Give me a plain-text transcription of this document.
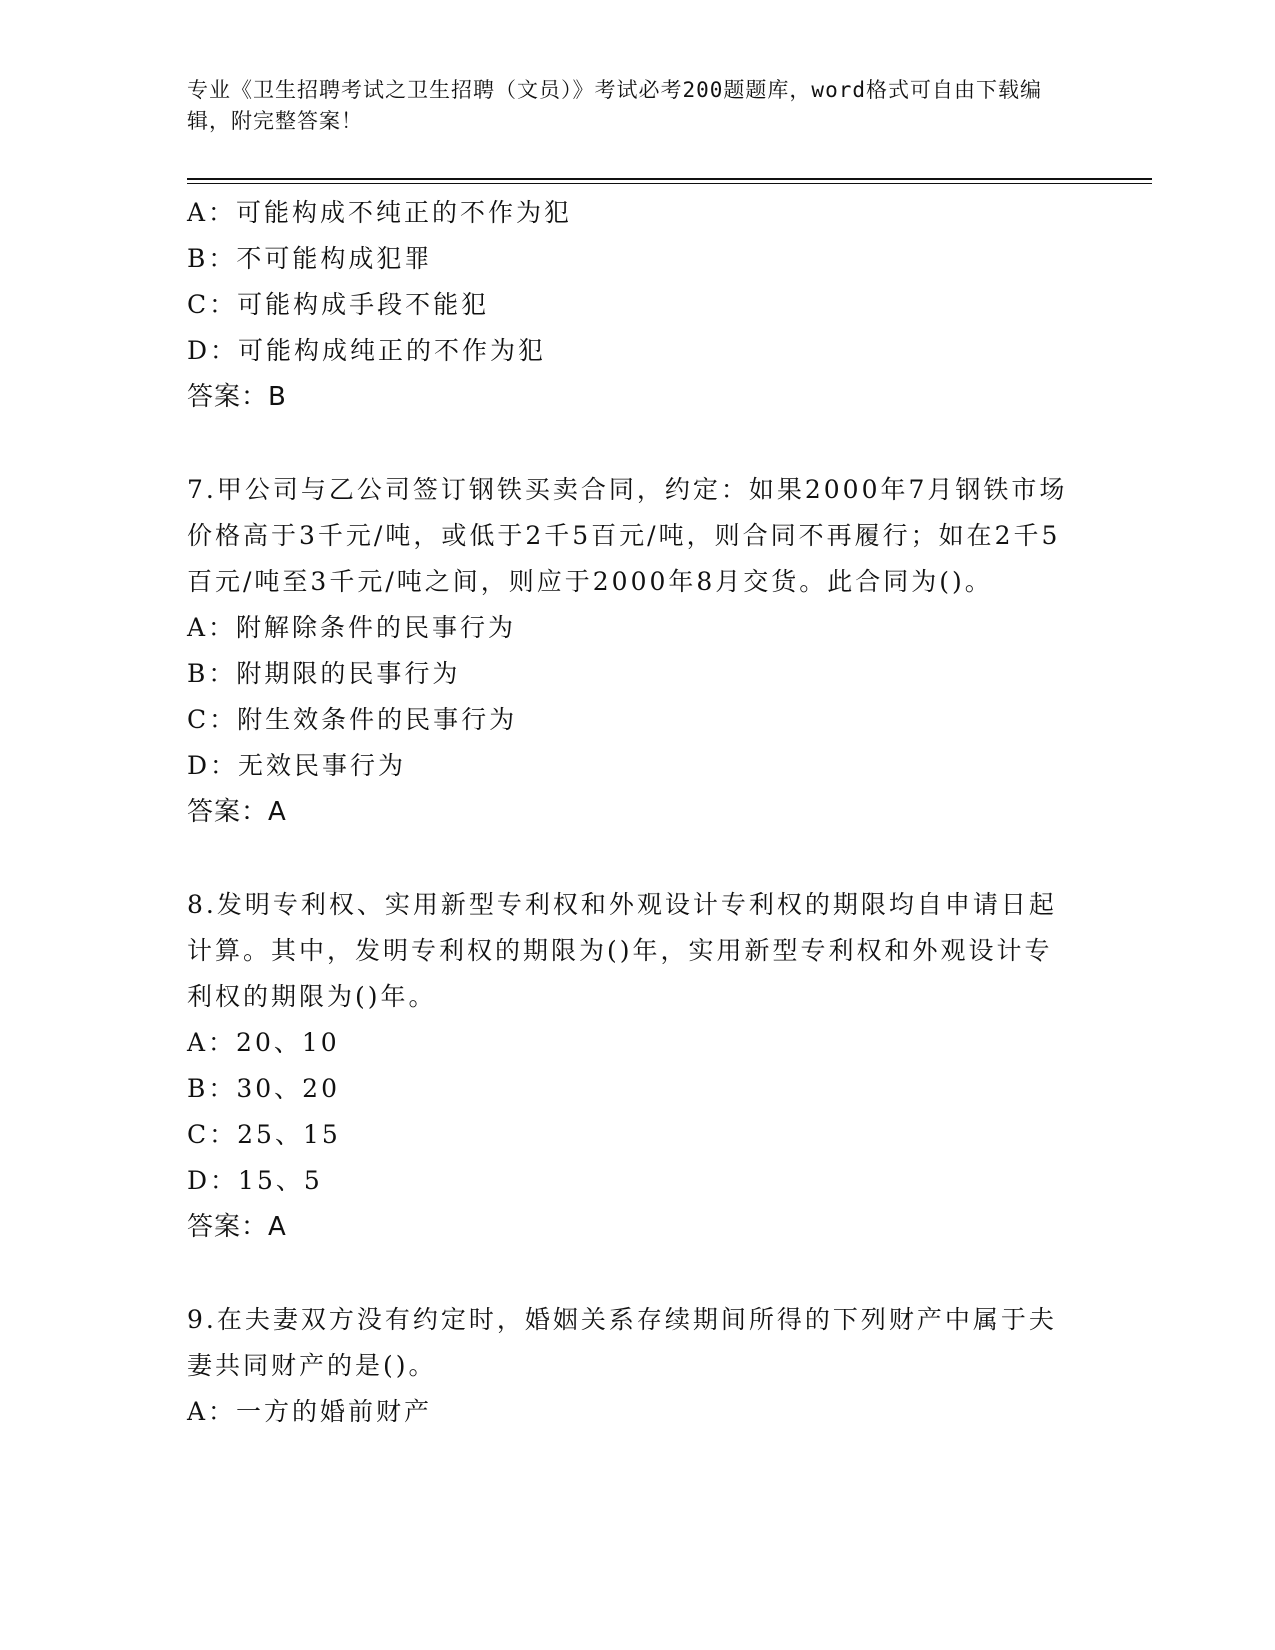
专业《卫生招聘考试之卫生招聘（文员）》考试必考200题题库，word格式可自由下载编辑，附完整答案！
A：可能构成不纯正的不作为犯
B：不可能构成犯罪
C：可能构成手段不能犯
D：可能构成纯正的不作为犯
答案：B
7.甲公司与乙公司签订钢铁买卖合同，约定：如果2000年7月钢铁市场价格高于3千元/吨，或低于2千5百元/吨，则合同不再履行；如在2千5百元/吨至3千元/吨之间，则应于2000年8月交货。此合同为()。
A：附解除条件的民事行为
B：附期限的民事行为
C：附生效条件的民事行为
D：无效民事行为
答案：A
8.发明专利权、实用新型专利权和外观设计专利权的期限均自申请日起计算。其中，发明专利权的期限为()年，实用新型专利权和外观设计专利权的期限为()年。
A：20、10
B：30、20
C：25、15
D：15、5
答案：A
9.在夫妻双方没有约定时，婚姻关系存续期间所得的下列财产中属于夫妻共同财产的是()。
A：一方的婚前财产
